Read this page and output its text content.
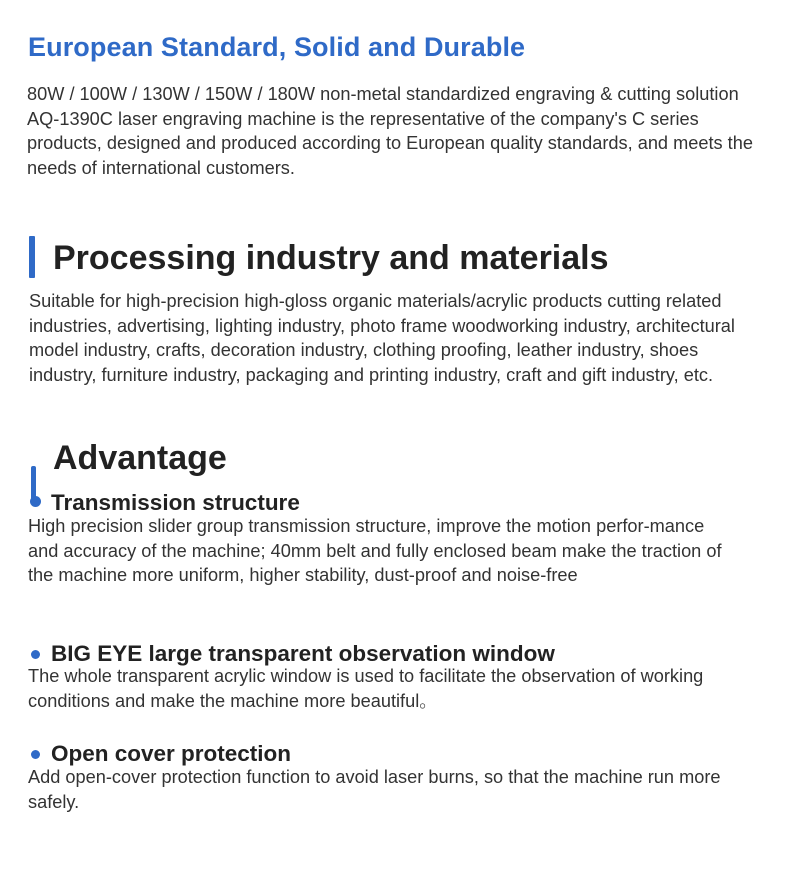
European Standard, Solid and Durable

80W / 100W / 130W / 150W / 180W non-metal standardized engraving & cutting solution AQ-1390C laser engraving machine is the representative of the company's C series products, designed and produced according to European quality standards, and meets the needs of international customers.

Processing industry and materials

Suitable for high-precision high-gloss organic materials/acrylic products cutting related industries, advertising, lighting industry, photo frame woodworking industry, architectural model industry, crafts, decoration industry, clothing proofing, leather industry, shoes industry, furniture industry, packaging and printing industry, craft and gift industry, etc.

Advantage
Transmission structure

High precision slider group transmission structure, improve the motion perfor-mance and accuracy of the machine; 40mm belt and fully enclosed beam make the traction of the machine more uniform, higher stability, dust-proof and noise-free

BIG EYE large transparent observation window

The whole transparent acrylic window is used to facilitate the observation of working conditions and make the machine more beautiful。

Open cover protection

Add open-cover protection function to avoid laser burns, so that the machine run more safely.
